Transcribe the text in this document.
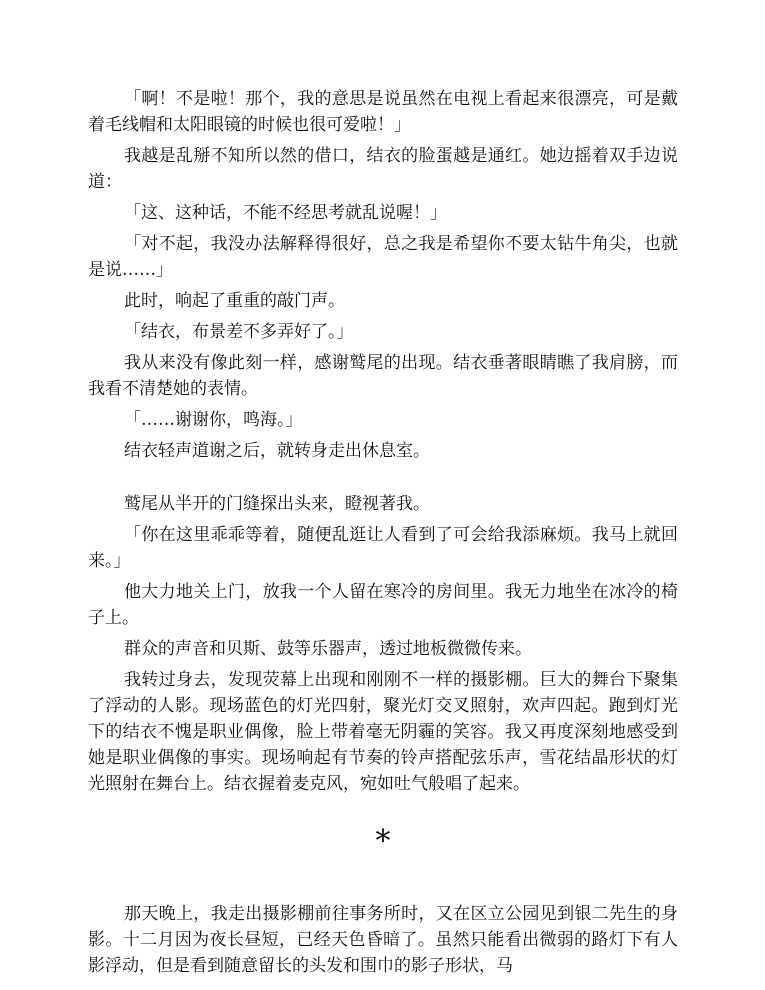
「啊！不是啦！那个，我的意思是说虽然在电视上看起来很漂亮，可是戴着毛线帽和太阳眼镜的时候也很可爱啦！」

我越是乱掰不知所以然的借口，结衣的脸蛋越是通红。她边摇着双手边说道：

「这、这种话，不能不经思考就乱说喔！」

「对不起，我没办法解释得很好，总之我是希望你不要太钻牛角尖，也就是说……」

此时，响起了重重的敲门声。

「结衣，布景差不多弄好了。」

我从来没有像此刻一样，感谢鹫尾的出现。结衣垂著眼睛瞧了我肩膀，而我看不清楚她的表情。

「……谢谢你，鸣海。」

结衣轻声道谢之后，就转身走出休息室。

鹫尾从半开的门缝探出头来，瞪视著我。

「你在这里乖乖等着，随便乱逛让人看到了可会给我添麻烦。我马上就回来。」

他大力地关上门，放我一个人留在寒冷的房间里。我无力地坐在冰冷的椅子上。

群众的声音和贝斯、鼓等乐器声，透过地板微微传来。

我转过身去，发现荧幕上出现和刚刚不一样的摄影棚。巨大的舞台下聚集了浮动的人影。现场蓝色的灯光四射，聚光灯交叉照射，欢声四起。跑到灯光下的结衣不愧是职业偶像，脸上带着毫无阴霾的笑容。我又再度深刻地感受到她是职业偶像的事实。现场响起有节奏的铃声搭配弦乐声，雪花结晶形状的灯光照射在舞台上。结衣握着麦克风，宛如吐气般唱了起来。

*

那天晚上，我走出摄影棚前往事务所时，又在区立公园见到银二先生的身影。十二月因为夜长昼短，已经天色昏暗了。虽然只能看出微弱的路灯下有人影浮动，但是看到随意留长的头发和围巾的影子形状，马
